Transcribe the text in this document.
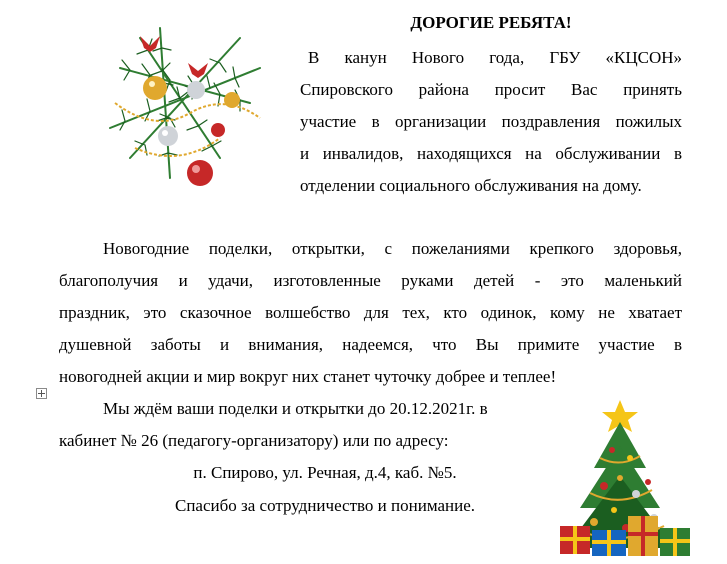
ДОРОГИЕ РЕБЯТА!
В канун Нового года, ГБУ «КЦСОН»
Спировского района просит Вас принять
участие в организации поздравления пожилых
и инвалидов, находящихся на обслуживании в
отделении социального обслуживания на дому.
Новогодние поделки, открытки, с пожеланиями крепкого здоровья,
благополучия и удачи, изготовленные руками детей - это маленький
праздник, это сказочное волшебство для тех, кто одинок, кому не хватает
душевной заботы и внимания, надеемся, что Вы примите участие в
новогодней акции и мир вокруг них станет чуточку добрее и теплее!
Мы ждём ваши поделки и открытки до 20.12.2021г. в
кабинет № 26 (педагогу-организатору) или по адресу:
п. Спирово, ул. Речная, д.4, каб. №5.
Спасибо за сотрудничество и понимание.
